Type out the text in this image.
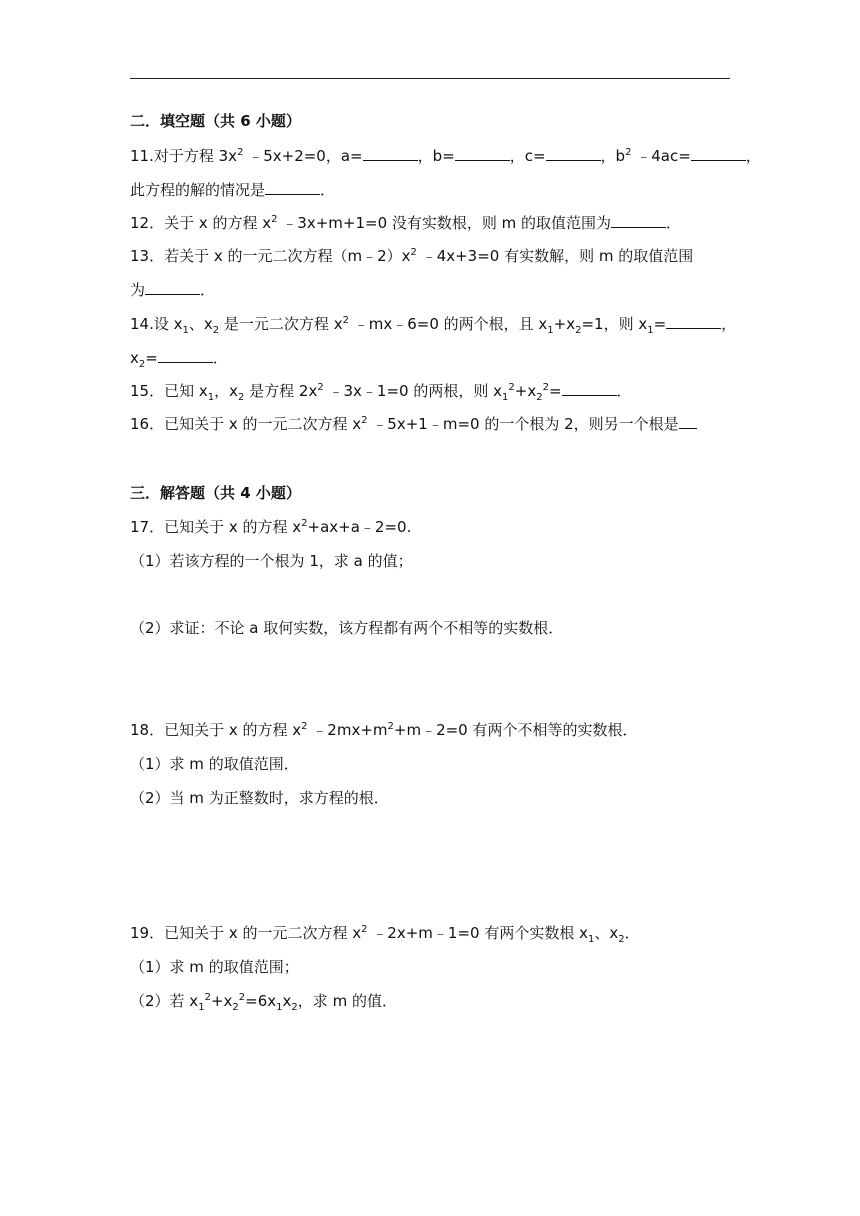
二．填空题（共 6 小题）
11.对于方程 $3x^2$ ﹣5x+2=0，a=	，b=	，c=	，$b^2$ ﹣4ac=	，
此方程的解的情况是	．
12．关于 x 的方程 $x^2$ ﹣3x+m+1=0 没有实数根，则 m 的取值范围为	．
13．若关于 x 的一元二次方程$(m﹣2)x^2$ ﹣4x+3=0 有实数解，则 m 的取值范围
为	．
14.设 $x_1$、$x_2$ 是一元二次方程 $x^2$ ﹣mx﹣6=0 的两个根，且 $x_1+x_2=1$，则 $x_1=$	，
$x_2=$	．
15．已知 $x_1$，$x_2$ 是方程 $2x^2$ ﹣3x﹣1=0 的两根，则 $x_1^2+x_2^2=$	．
16．已知关于 x 的一元二次方程 $x^2$ ﹣5x+1﹣m=0 的一个根为 2，则另一个根是
三．解答题（共 4 小题）
17．已知关于 x 的方程 $x^2+ax+a﹣2=0$.
（1）若该方程的一个根为 1，求 a 的值；
（2）求证：不论 a 取何实数，该方程都有两个不相等的实数根．
18．已知关于 x 的方程 $x^2$ $﹣2mx+m^2+m﹣2=0$ 有两个不相等的实数根．
（1）求 m 的取值范围．
（2）当 m 为正整数时，求方程的根．
19．已知关于 x 的一元二次方程 $x^2$ ﹣2x+m﹣1=0 有两个实数根 $x_1$、$x_2$．
（1）求 m 的取值范围；
（2）若 $x_1^2+x_2^2=6x_1x_2$，求 m 的值．
